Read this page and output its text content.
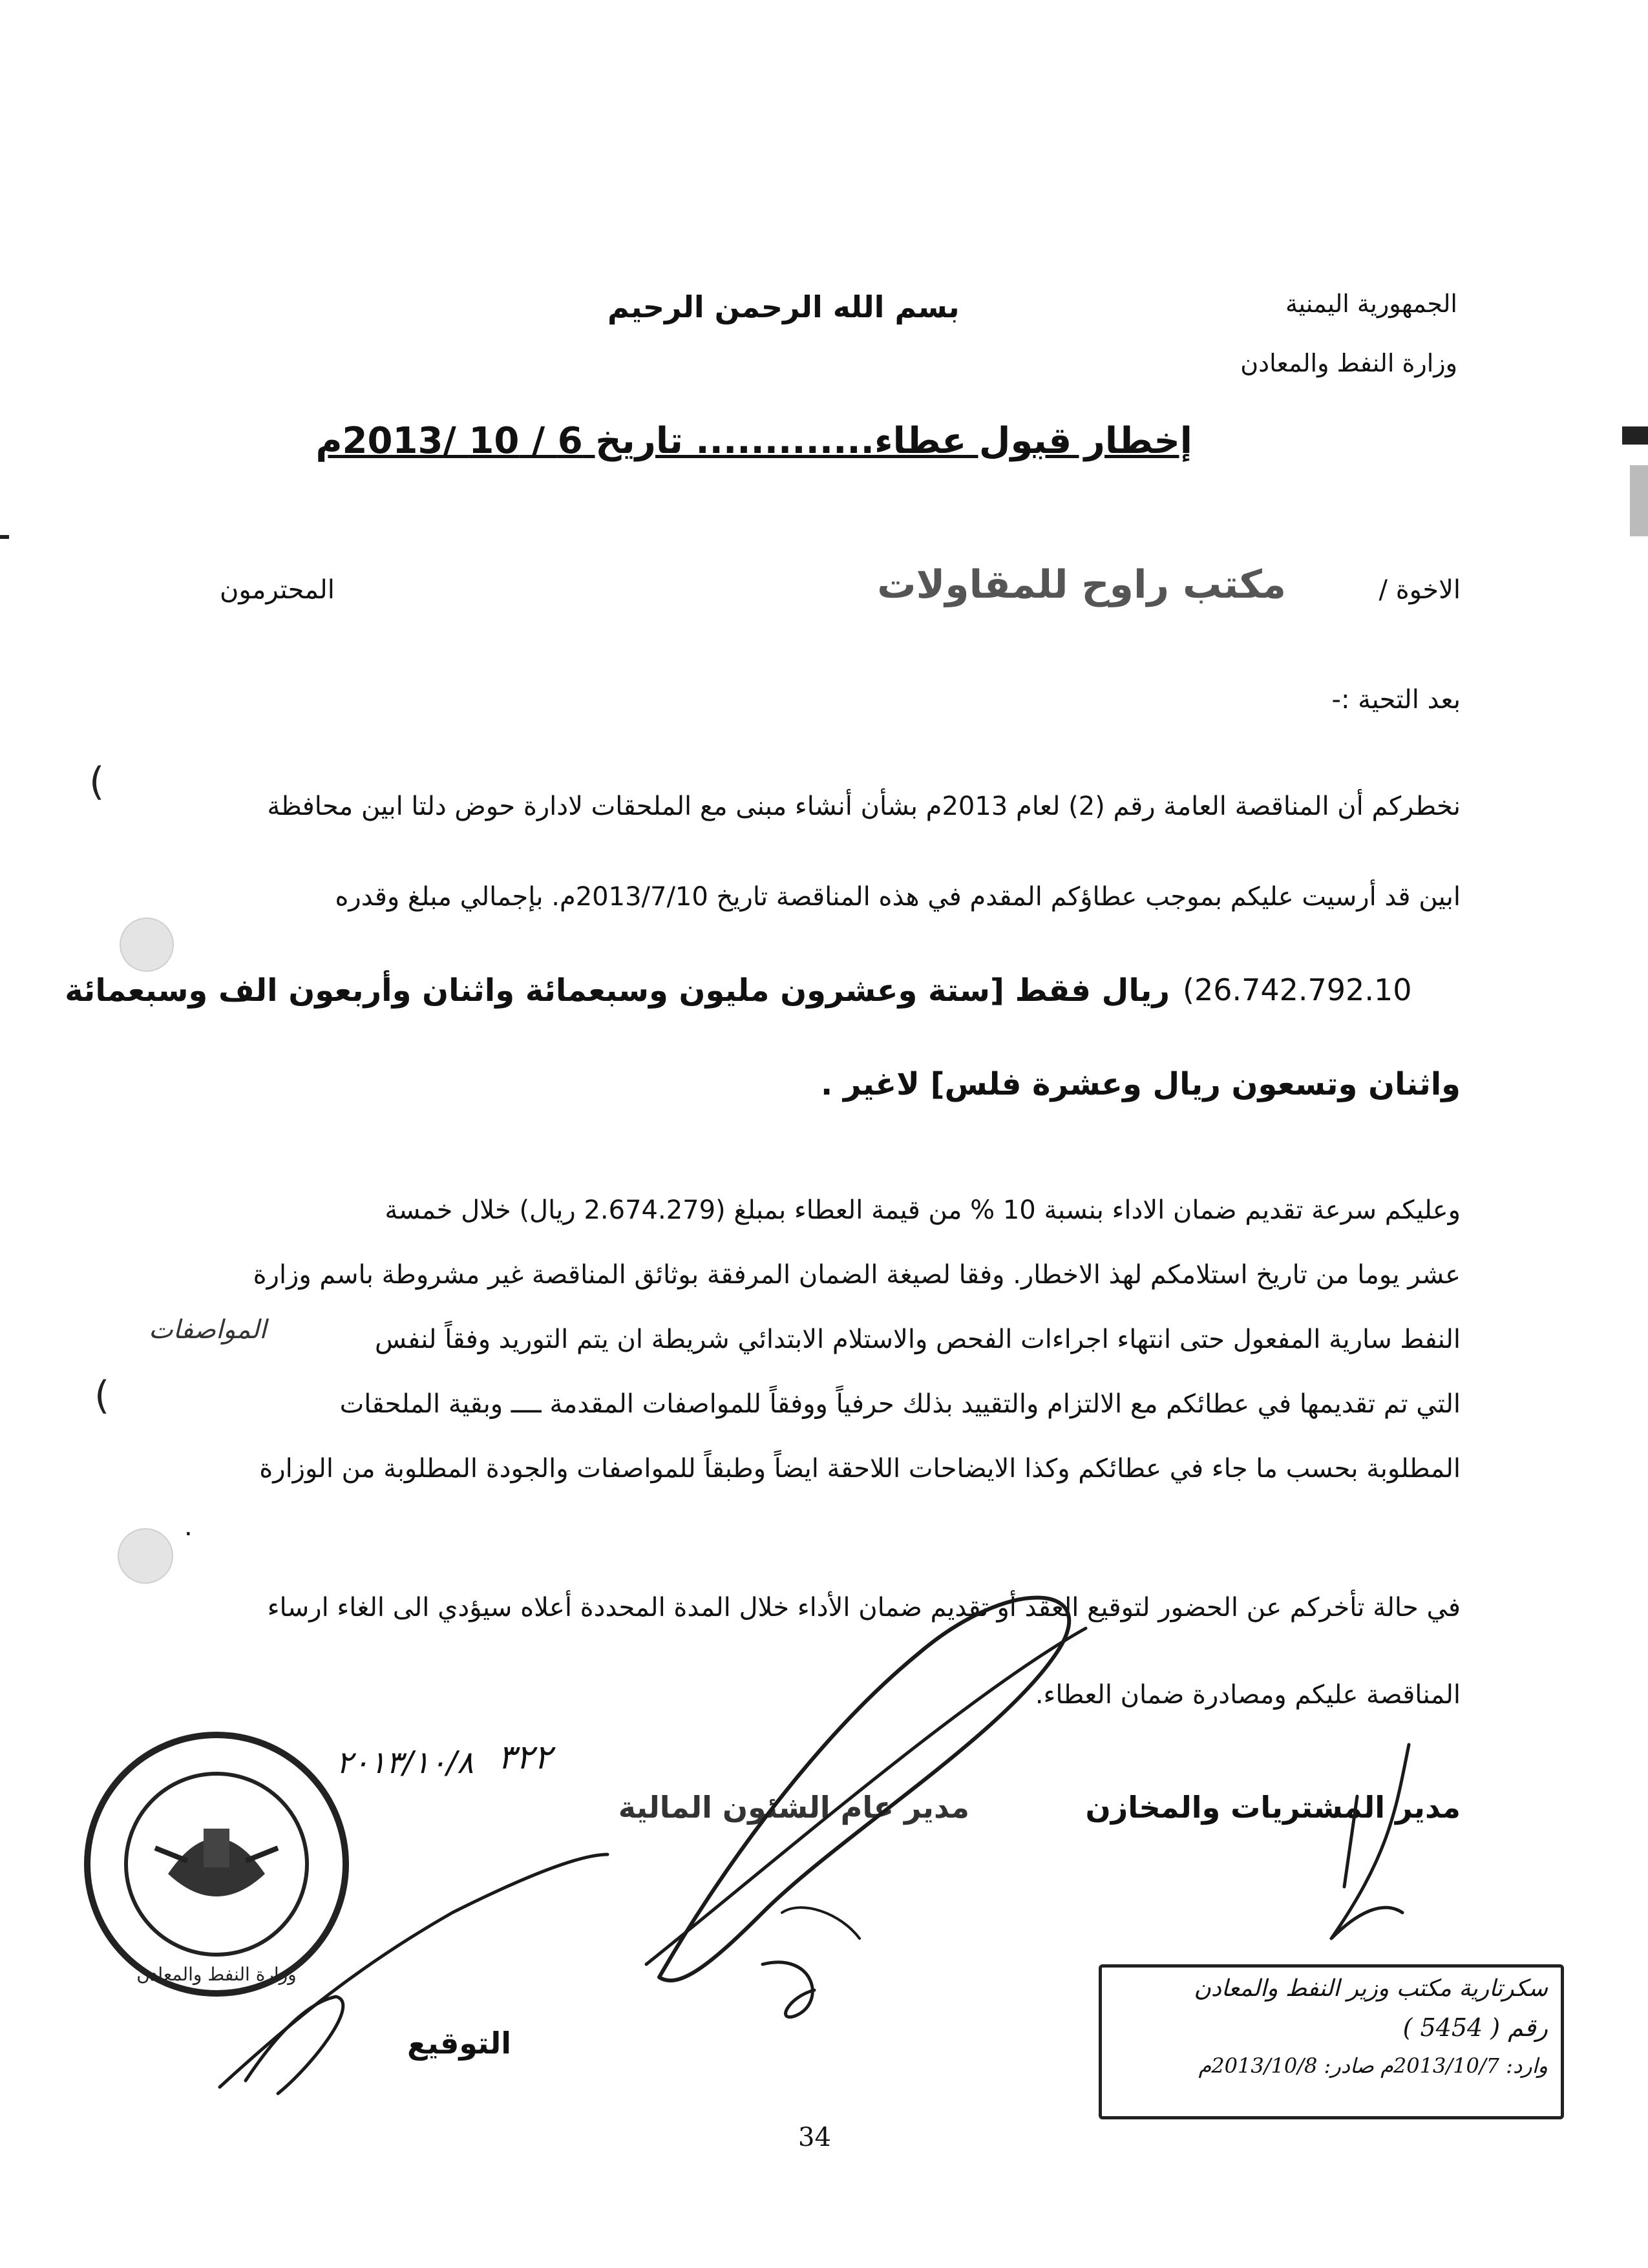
(
(
الجمهورية اليمنية
وزارة النفط والمعادن
بسم الله الرحمن الرحيم
إخطار قبول عطاء............. تاريخ 6 / 10 /2013م
الاخوة /
مكتب راوح للمقاولات
المحترمون
بعد التحية :-
نخطركم أن المناقصة العامة رقم (2) لعام 2013م بشأن أنشاء مبنى مع الملحقات لادارة حوض دلتا ابين محافظة
ابين قد أرسيت عليكم بموجب عطاؤكم المقدم في هذه المناقصة تاريخ 2013/7/10م. بإجمالي مبلغ وقدره
(26.742.792.10
ريال فقط [ستة وعشرون مليون وسبعمائة واثنان وأربعون الف وسبعمائة
واثنان وتسعون ريال وعشرة فلس] لاغير .
وعليكم سرعة تقديم ضمان الاداء بنسبة 10 % من قيمة العطاء بمبلغ (2.674.279 ريال) خلال خمسة
عشر يوما من تاريخ استلامكم لهذ الاخطار. وفقا لصيغة الضمان المرفقة بوثائق المناقصة غير مشروطة باسم وزارة
النفط سارية المفعول حتى انتهاء اجراءات الفحص والاستلام الابتدائي شريطة ان يتم التوريد وفقاً لنفس
المواصفات
التي تم تقديمها في عطائكم مع الالتزام والتقييد بذلك حرفياً ووفقاً للمواصفات المقدمة ــــ وبقية الملحقات
المطلوبة بحسب ما جاء في عطائكم وكذا الايضاحات اللاحقة ايضاً وطبقاً للمواصفات والجودة المطلوبة من الوزارة
.
في حالة تأخركم عن الحضور لتوقيع العقد أو تقديم ضمان الأداء خلال المدة المحددة أعلاه سيؤدي الى الغاء ارساء
المناقصة عليكم ومصادرة ضمان العطاء.
مدير المشتريات والمخازن
مدير عام الشئون المالية
التوقيع
٣٢٢
٢٠١٣/١٠/٨
وزارة النفط والمعادن
سكرتارية مكتب وزير النفط والمعادن
رقم ( 5454 )
وارد: 2013/10/7م صادر: 2013/10/8م
34
